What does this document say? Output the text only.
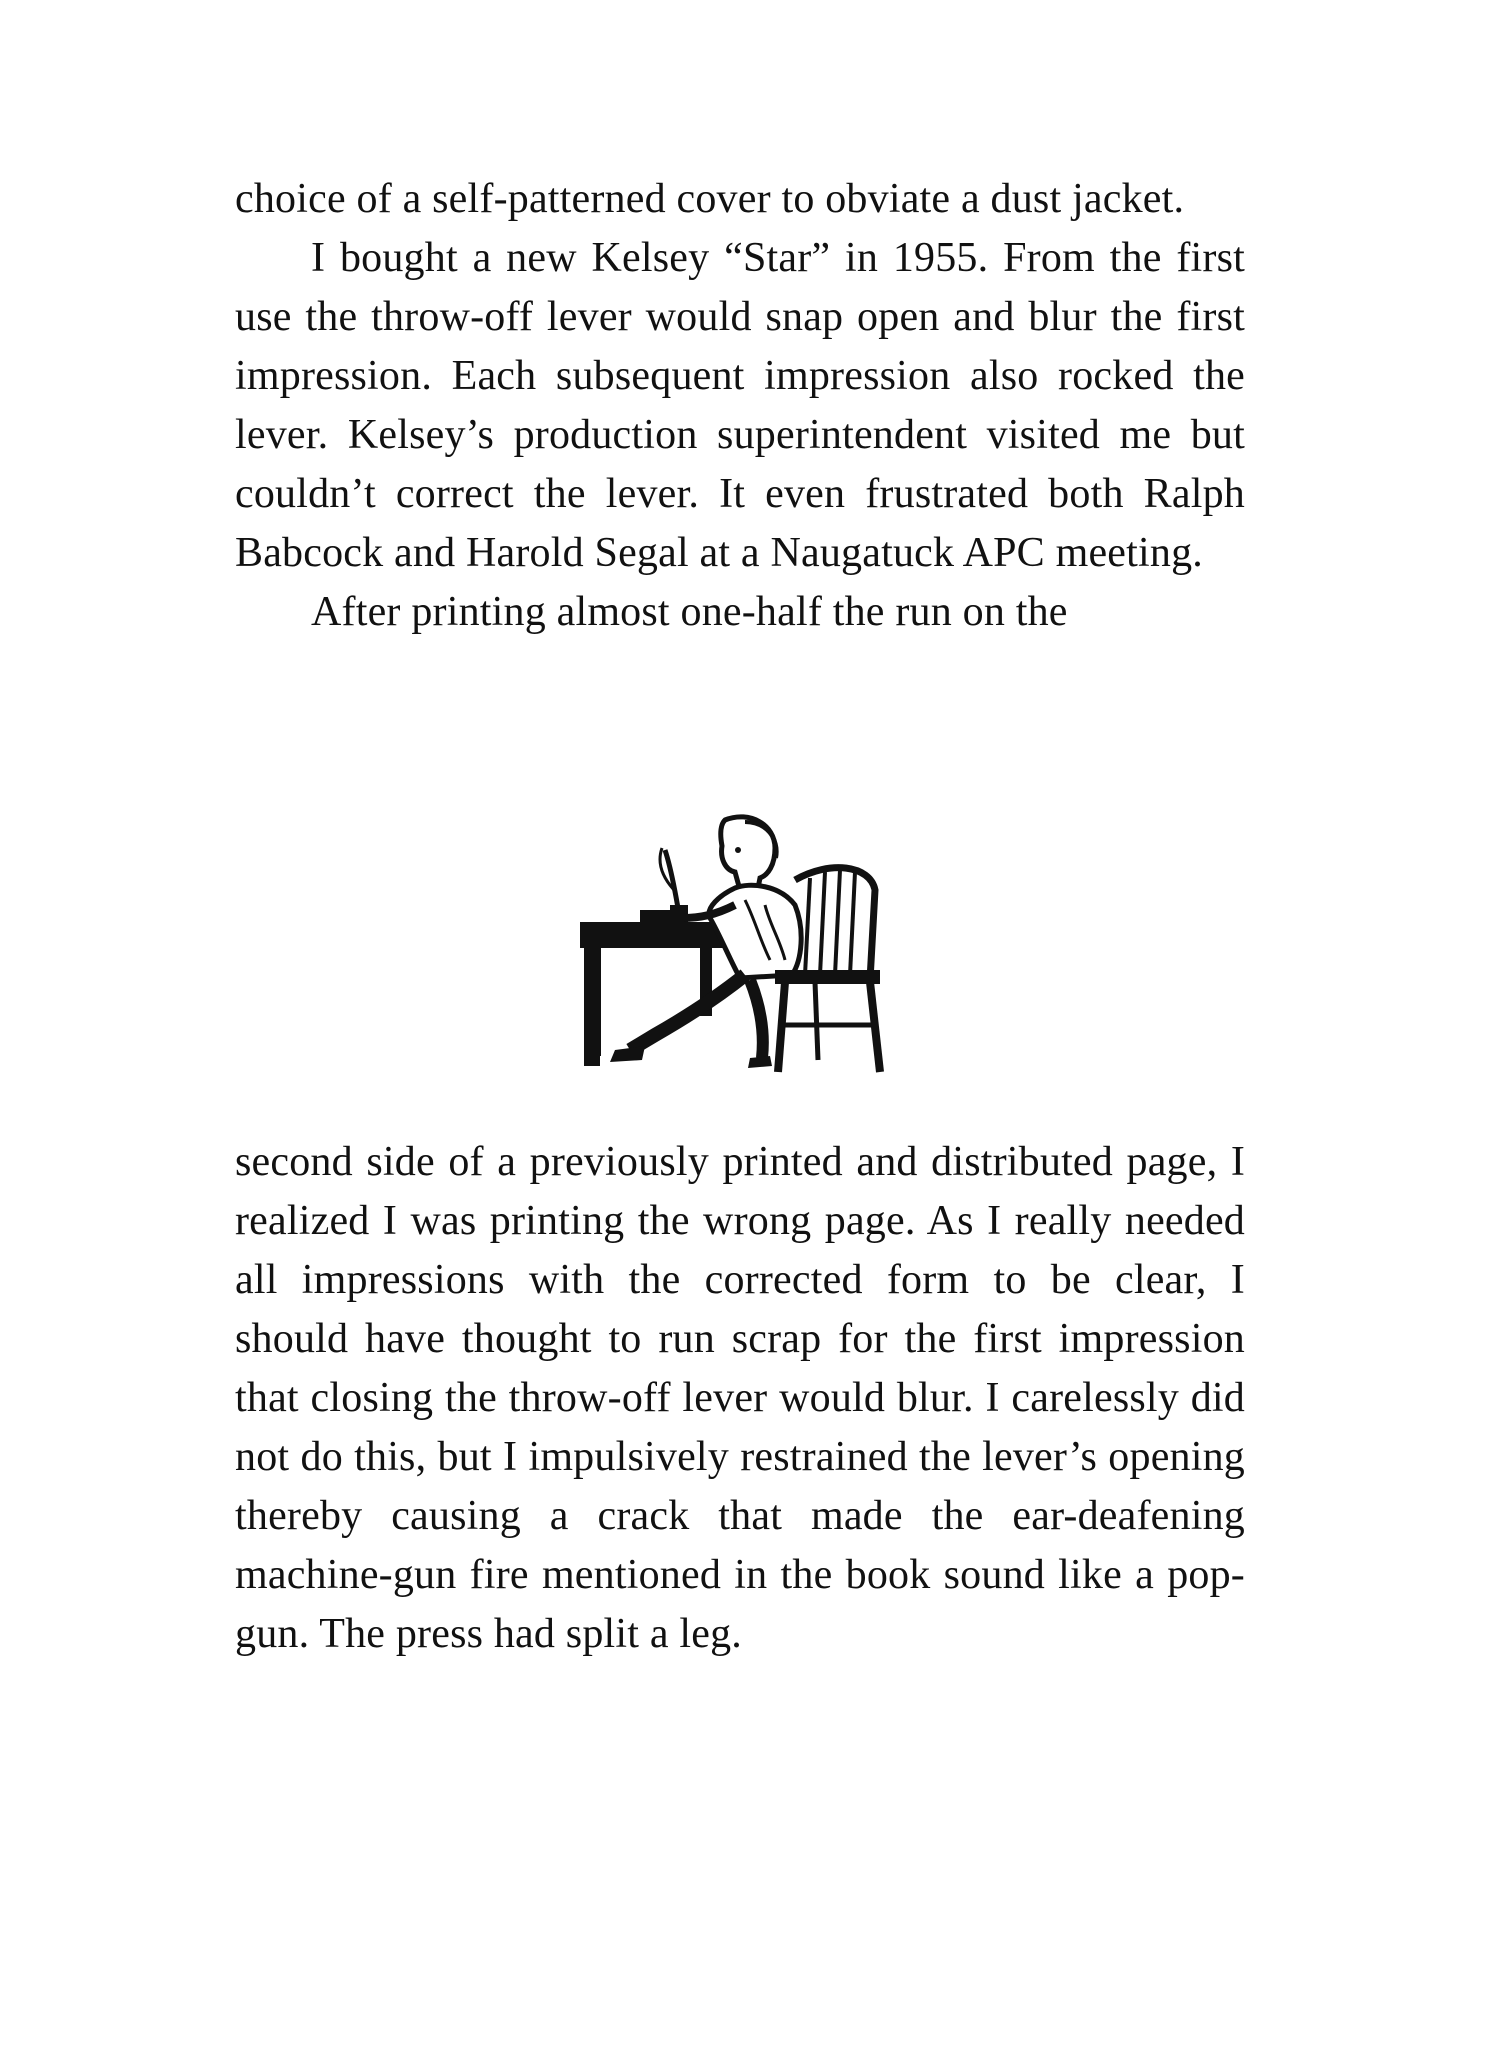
choice of a self-patterned cover to obviate a dust jacket.

I bought a new Kelsey “Star” in 1955. From the first use the throw-off lever would snap open and blur the first impression. Each subsequent impression also rocked the lever. Kelsey’s production superintendent visited me but couldn’t correct the lever. It even frustrated both Ralph Babcock and Harold Segal at a Naugatuck APC meeting.

After printing almost one-half the run on the

second side of a previously printed and distributed page, I realized I was printing the wrong page. As I really needed all impressions with the corrected form to be clear, I should have thought to run scrap for the first impression that closing the throw-off lever would blur. I carelessly did not do this, but I impulsively restrained the lever’s opening thereby causing a crack that made the ear-deafening machine-gun fire mentioned in the book sound like a pop-gun. The press had split a leg.
